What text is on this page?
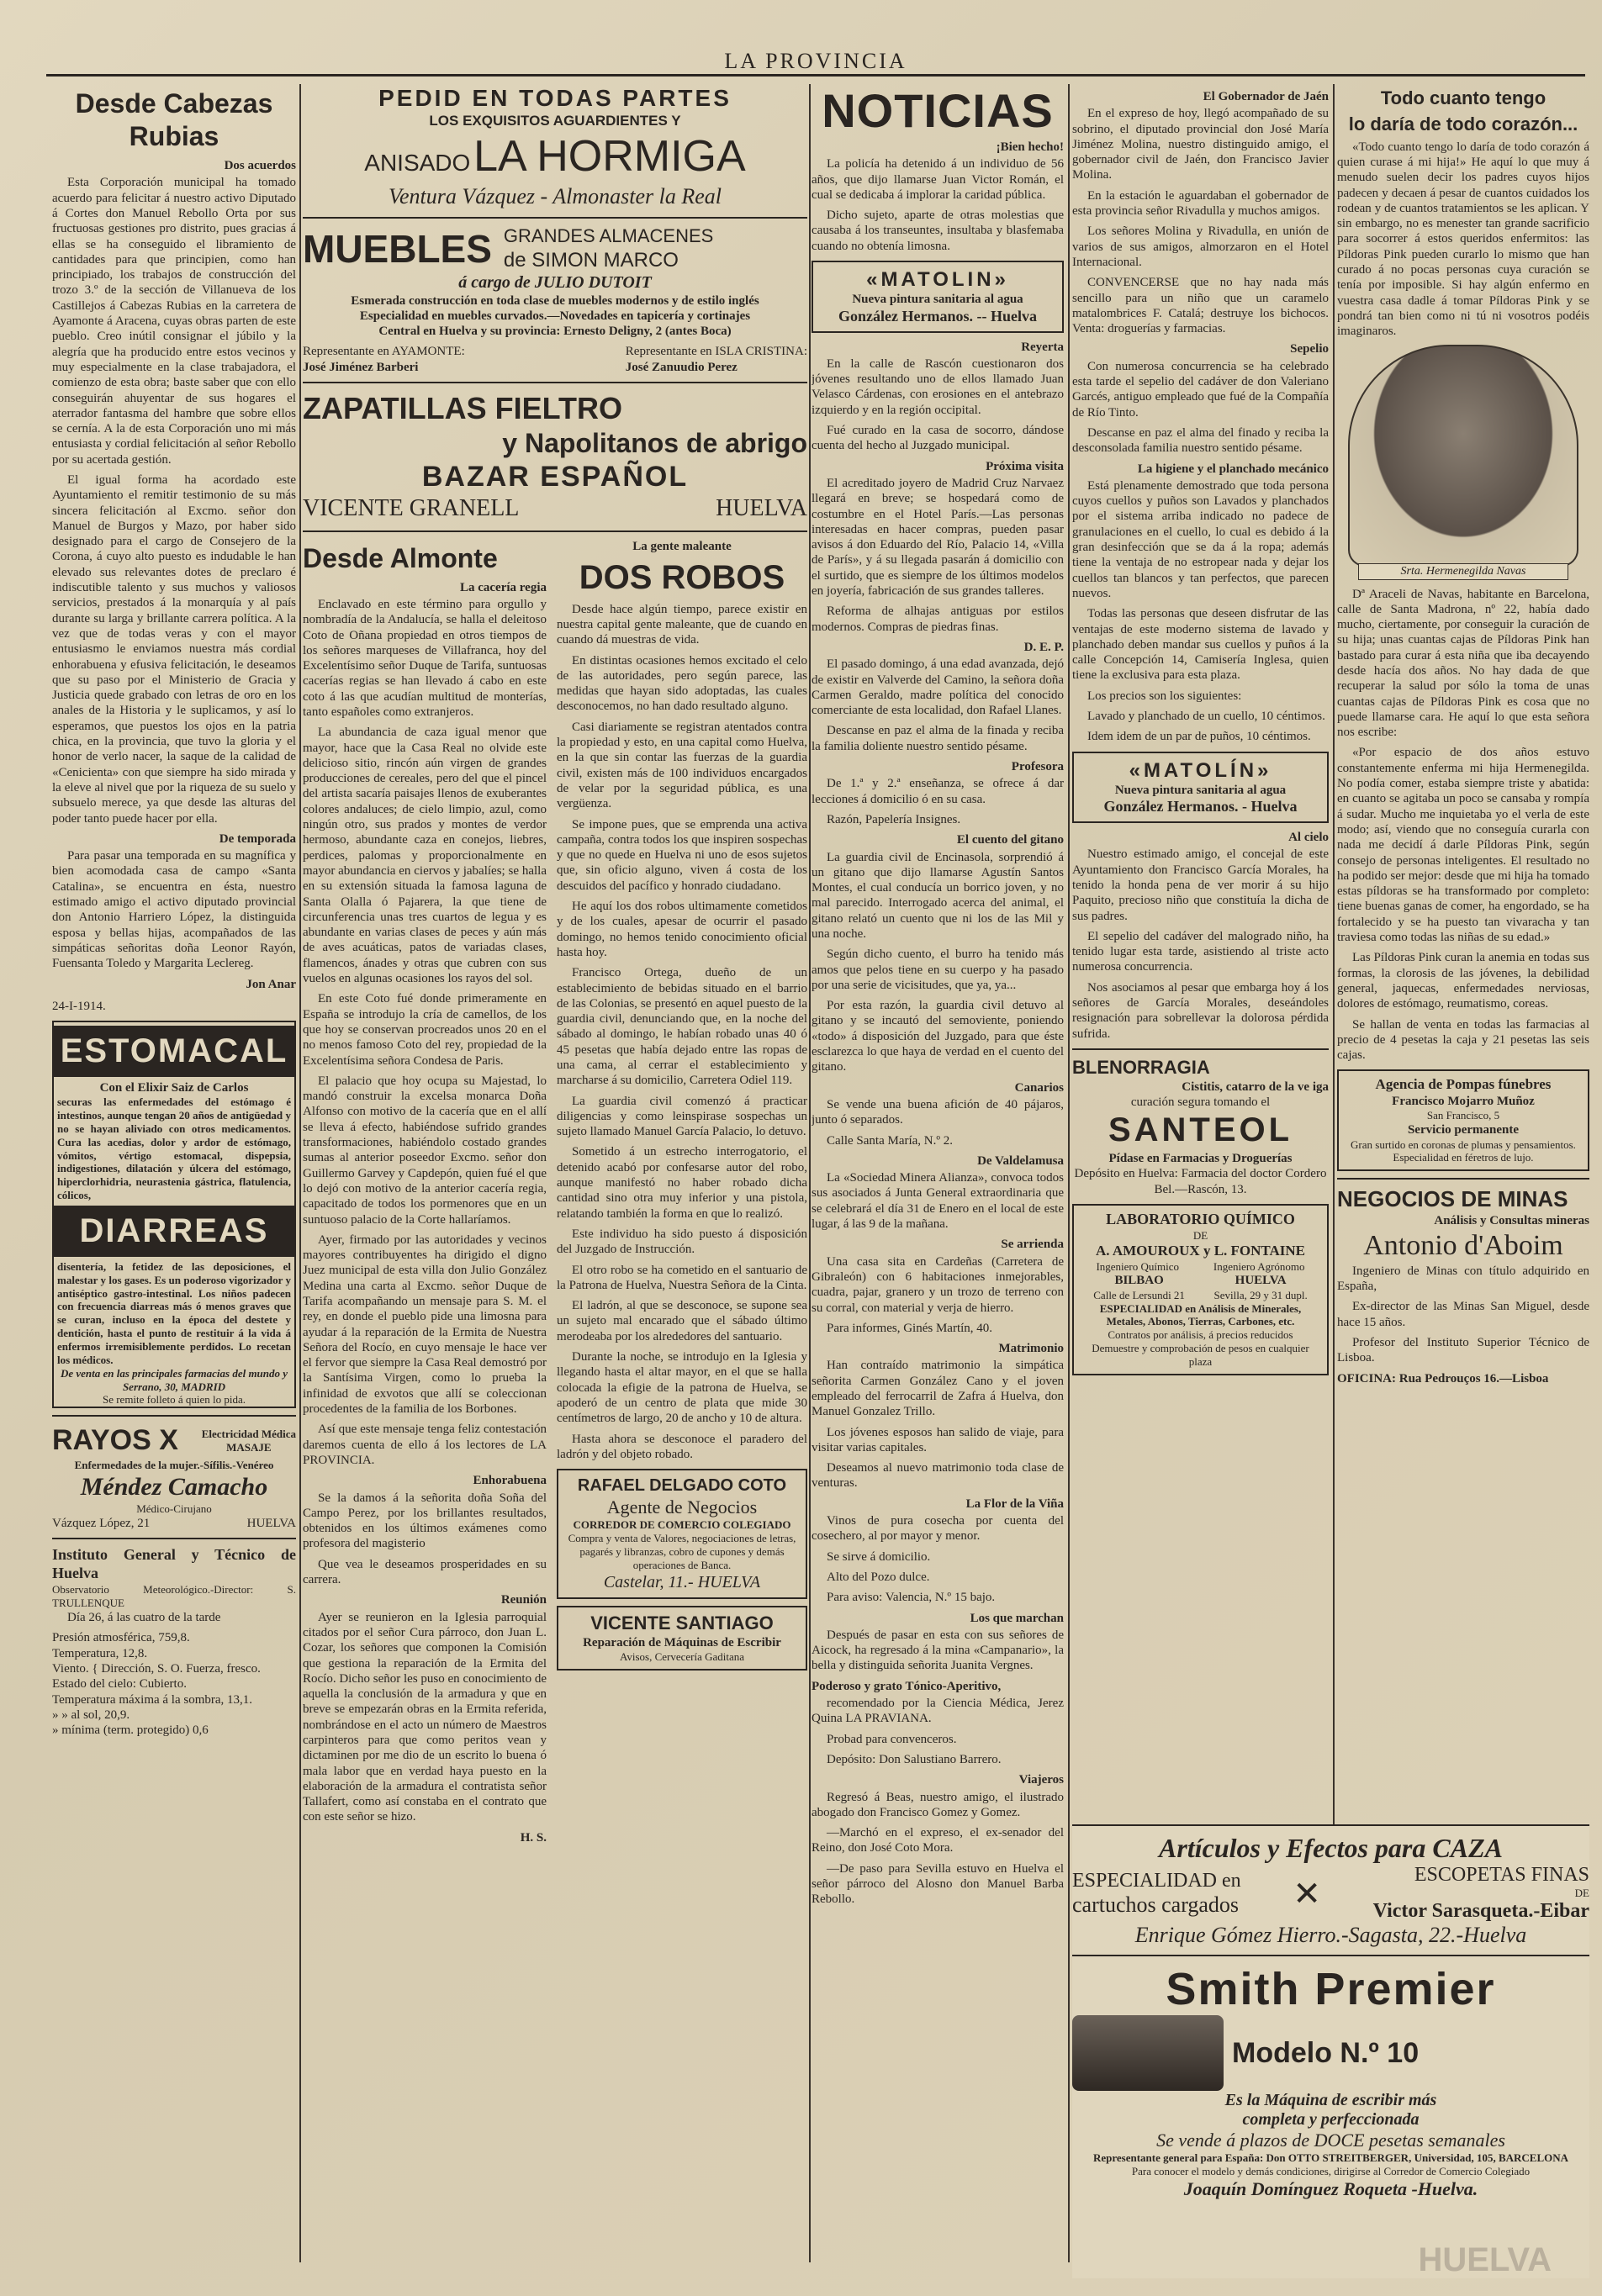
LA PROVINCIA
Desde Cabezas Rubias
Dos acuerdos

Esta Corporación municipal ha tomado acuerdo para felicitar á nuestro activo Diputado á Cortes don Manuel Rebollo Orta por sus fructuosas gestiones pro distrito, pues gracias á ellas se ha conseguido el libramiento de cantidades para que principien, como han principiado, los trabajos de construcción del trozo 3.º de la sección de Villanueva de los Castillejos á Cabezas Rubias en la carretera de Ayamonte á Aracena, cuyas obras parten de este pueblo. Creo inútil consignar el júbilo y la alegría que ha producido entre estos vecinos y muy especialmente en la clase trabajadora, el comienzo de esta obra; baste saber que con ello conseguirán ahuyentar de sus hogares el aterrador fantasma del hambre que sobre ellos se cernía. A la de esta Corporación uno mi más entusiasta y cordial felicitación al señor Rebollo por su acertada gestión.

El igual forma ha acordado este Ayuntamiento el remitir testimonio de su más sincera felicitación al Excmo. señor don Manuel de Burgos y Mazo, por haber sido designado para el cargo de Consejero de la Corona, á cuyo alto puesto es indudable le han elevado sus relevantes dotes de preclaro é indiscutible talento y sus muchos y valiosos servicios, prestados á la monarquía y al país durante su larga y brillante carrera política. A la vez que de todas veras y con el mayor entusiasmo le enviamos nuestra más cordial enhorabuena y efusiva felicitación, le deseamos que su paso por el Ministerio de Gracia y Justicia quede grabado con letras de oro en los anales de la Historia y le suplicamos, y así lo esperamos, que puestos los ojos en la patria chica, en la provincia, que tuvo la gloria y el honor de verlo nacer, la saque de la calidad de «Cenicienta» con que siempre ha sido mirada y la eleve al nivel que por la riqueza de su suelo y subsuelo merece, ya que desde las alturas del poder tanto puede hacer por ella.

De temporada

Para pasar una temporada en su magnífica y bien acomodada casa de campo «Santa Catalina», se encuentra en ésta, nuestro estimado amigo el activo diputado provincial don Antonio Harriero López, la distinguida esposa y bellas hijas, acompañados de las simpáticas señoritas doña Leonor Rayón, Fuensanta Toledo y Margarita Leclereg.

Jon Anar
24-I-1914.
ESTOMACAL
Con el Elixir Saiz de Carlos
securas las enfermedades del estómago é intestinos, aunque tengan 20 años de antigüedad y no se hayan aliviado con otros medicamentos. Cura las acedias, dolor y ardor de estómago, vómitos, vértigo estomacal, dispepsia, indigestiones, dilatación y úlcera del estómago, hiperclorhidria, neurastenia gástrica, flatulencia, cólicos,
DIARREAS
disentería, la fetidez de las deposiciones, el malestar y los gases. Es un poderoso vigorizador y antiséptico gastro-intestinal. Los niños padecen con frecuencia diarreas más ó menos graves que se curan, incluso en la época del destete y dentición, hasta el punto de restituir á la vida á enfermos irremisiblemente perdidos. Lo recetan los médicos.
De venta en las principales farmacias del mundo y Serrano, 30, MADRID
Se remite folleto á quien lo pida.
RAYOS X Electricidad Médica
MASAJE
Enfermedades de la mujer.-Sífilis.-Venéreo
Méndez Camacho
Médico-Cirujano
Vázquez López, 21	HUELVA
Instituto General y Técnico de Huelva
Observatorio Meteorológico.-Director: S. TRULLENQUE

Día 26, á las cuatro de la tarde

Presión atmosférica, 759,8.
Temperatura, 12,8.
Viento. { Dirección, S. O. Fuerza, fresco.
Estado del cielo: Cubierto.
Temperatura máxima á la sombra, 13,1.
» » al sol, 20,9.
» mínima (term. protegido) 0,6
PEDID EN TODAS PARTES
LOS EXQUISITOS AGUARDIENTES Y
ANISADO LA HORMIGA
Ventura Vázquez - Almonaster la Real
MUEBLES GRANDES ALMACENES
de SIMON MARCO
á cargo de JULIO DUTOIT
Esmerada construcción en toda clase de muebles modernos y de estilo inglés
Especialidad en muebles curvados.—Novedades en tapicería y cortinajes
Central en Huelva y su provincia: Ernesto Deligny, 2 (antes Boca)
Representante en AYAMONTE:
José Jiménez Barberi
Representante en ISLA CRISTINA:
José Zanuudio Perez
ZAPATILLAS FIELTRO
y Napolitanos de abrigo
BAZAR ESPAÑOL
VICENTE GRANELL	HUELVA
Desde Almonte
La cacería regia

Enclavado en este término para orgullo y nombradía de la Andalucía, se halla el deleitoso Coto de Oñana propiedad en otros tiempos de los señores marqueses de Villafranca, hoy del Excelentísimo señor Duque de Tarifa, suntuosas cacerías regias se han llevado á cabo en este coto á las que acudían multitud de monterías, tanto españoles como extranjeros.

La abundancia de caza igual menor que mayor, hace que la Casa Real no olvide este delicioso sitio, rincón aún virgen de grandes producciones de cereales, pero del que el pincel del artista sacaría paisajes llenos de exuberantes colores andaluces; de cielo limpio, azul, como ningún otro, sus prados y montes de verdor hermoso, abundante caza en conejos, liebres, perdices, palomas y proporcionalmente en mayor abundancia en ciervos y jabalíes; se halla en su extensión situada la famosa laguna de Santa Olalla ó Pajarera, la que tiene de circunferencia unas tres cuartos de legua y es abundante en varias clases de peces y aún más de aves acuáticas, patos de variadas clases, flamencos, ánades y otras que cubren con sus vuelos en algunas ocasiones los rayos del sol.

En este Coto fué donde primeramente en España se introdujo la cría de camellos, de los que hoy se conservan procreados unos 20 en el no menos famoso Coto del rey, propiedad de la Excelentísima señora Condesa de Paris.

El palacio que hoy ocupa su Majestad, lo mandó construir la excelsa monarca Doña Alfonso con motivo de la cacería que en el allí se lleva á efecto, habiéndose sufrido grandes transformaciones, habiéndolo costado grandes sumas al anterior poseedor Excmo. señor don Guillermo Garvey y Capdepón, quien fué el que lo dejó con motivo de la anterior cacería regia, capacitado de todos los pormenores que en un suntuoso palacio de la Corte hallaríamos.

Ayer, firmado por las autoridades y vecinos mayores contribuyentes ha dirigido el digno Juez municipal de esta villa don Julio González Medina una carta al Excmo. señor Duque de Tarifa acompañando un mensaje para S. M. el rey, en donde el pueblo pide una limosna para ayudar á la reparación de la Ermita de Nuestra Señora del Rocío, en cuyo mensaje le hace ver el fervor que siempre la Casa Real demostró por la Santísima Virgen, como lo prueba la infinidad de exvotos que allí se coleccionan procedentes de la familia de los Borbones.

Así que este mensaje tenga feliz contestación daremos cuenta de ello á los lectores de LA PROVINCIA.

Enhorabuena

Se la damos á la señorita doña Soña del Campo Perez, por los brillantes resultados, obtenidos en los últimos exámenes como profesora del magisterio

Que vea le deseamos prosperidades en su carrera.

Reunión

Ayer se reunieron en la Iglesia parroquial citados por el señor Cura párroco, don Juan L. Cozar, los señores que componen la Comisión que gestiona la reparación de la Ermita del Rocío. Dicho señor les puso en conocimiento de aquella la conclusión de la armadura y que en breve se empezarán obras en la Ermita referida, nombrándose en el acto un número de Maestros carpinteros para que como peritos vean y dictaminen por me dio de un escrito lo buena ó mala labor que en verdad haya puesto en la elaboración de la armadura el contratista señor Tallafert, como así constaba en el contrato que con este señor se hizo.

H. S.
La gente maleante
DOS ROBOS

Desde hace algún tiempo, parece existir en nuestra capital gente maleante, que de cuando en cuando dá muestras de vida.

En distintas ocasiones hemos excitado el celo de las autoridades, pero según parece, las medidas que hayan sido adoptadas, las cuales desconocemos, no han dado resultado alguno.

Casi diariamente se registran atentados contra la propiedad y esto, en una capital como Huelva, en la que sin contar las fuerzas de la guardia civil, existen más de 100 individuos encargados de velar por la seguridad pública, es una vergüenza.

Se impone pues, que se emprenda una activa campaña, contra todos los que inspiren sospechas y que no quede en Huelva ni uno de esos sujetos que, sin oficio alguno, viven á costa de los descuidos del pacífico y honrado ciudadano.

He aquí los dos robos ultimamente cometidos y de los cuales, apesar de ocurrir el pasado domingo, no hemos tenido conocimiento oficial hasta hoy.

Francisco Ortega, dueño de un establecimiento de bebidas situado en el barrio de las Colonias, se presentó en aquel puesto de la guardia civil, denunciando que, en la noche del sábado al domingo, le habían robado unas 40 ó 45 pesetas que había dejado entre las ropas de una cama, al cerrar el establecimiento y marcharse á su domicilio, Carretera Odiel 119.

La guardia civil comenzó á practicar diligencias y como leinspirase sospechas un sujeto llamado Manuel García Palacio, lo detuvo.

Sometido á un estrecho interrogatorio, el detenido acabó por confesarse autor del robo, aunque manifestó no haber robado dicha cantidad sino otra muy inferior y una pistola, relatando también la forma en que lo realizó.

Este individuo ha sido puesto á disposición del Juzgado de Instrucción.

El otro robo se ha cometido en el santuario de la Patrona de Huelva, Nuestra Señora de la Cinta.

El ladrón, al que se desconoce, se supone sea un sujeto mal encarado que el sábado último merodeaba por los alrededores del santuario.

Durante la noche, se introdujo en la Iglesia y llegando hasta el altar mayor, en el que se halla colocada la efigie de la patrona de Huelva, se apoderó de un centro de plata que mide 30 centímetros de largo, 20 de ancho y 10 de altura.

Hasta ahora se desconoce el paradero del ladrón y del objeto robado.

RAFAEL DELGADO COTO
Agente de Negocios
CORREDOR DE COMERCIO COLEGIADO
Compra y venta de Valores, negociaciones de letras, pagarés y libranzas, cobro de cupones y demás operaciones de Banca.
Castelar, 11.- HUELVA
VICENTE SANTIAGO
Reparación de Máquinas de Escribir
Avisos, Cervecería Gaditana
NOTICIAS
¡Bien hecho!

La policía ha detenido á un individuo de 56 años, que dijo llamarse Juan Victor Román, el cual se dedicaba á implorar la caridad pública.

Dicho sujeto, aparte de otras molestias que causaba á los transeuntes, insultaba y blasfemaba cuando no obtenía limosna.

«MATOLIN»
Nueva pintura sanitaria al agua
González Hermanos. -- Huelva
Reyerta

En la calle de Rascón cuestionaron dos jóvenes resultando uno de ellos llamado Juan Velasco Cárdenas, con erosiones en el antebrazo izquierdo y en la región occipital.

Fué curado en la casa de socorro, dándose cuenta del hecho al Juzgado municipal.

Próxima visita

El acreditado joyero de Madrid Cruz Narvaez llegará en breve; se hospedará como de costumbre en el Hotel París.—Las personas interesadas en hacer compras, pueden pasar avisos á don Eduardo del Río, Palacio 14, «Villa de París», y á su llegada pasarán á domicilio con el surtido, que es siempre de los últimos modelos en joyería, fabricación de sus grandes talleres.

Reforma de alhajas antiguas por estilos modernos. Compras de piedras finas.

D. E. P.

El pasado domingo, á una edad avanzada, dejó de existir en Valverde del Camino, la señora doña Carmen Geraldo, madre política del conocido comerciante de esta localidad, don Rafael Llanes.

Descanse en paz el alma de la finada y reciba la familia doliente nuestro sentido pésame.

Profesora

De 1.ª y 2.ª enseñanza, se ofrece á dar lecciones á domicilio ó en su casa.

Razón, Papelería Insignes.

El cuento del gitano

La guardia civil de Encinasola, sorprendió á un gitano que dijo llamarse Agustín Santos Montes, el cual conducía un borrico joven, y no mal parecido. Interrogado acerca del animal, el gitano relató un cuento que ni los de las Mil y una noche.

Según dicho cuento, el burro ha tenido más amos que pelos tiene en su cuerpo y ha pasado por una serie de vicisitudes, que ya, ya...

Por esta razón, la guardia civil detuvo al gitano y se incautó del semoviente, poniendo «todo» á disposición del Juzgado, para que éste esclarezca lo que haya de verdad en el cuento del gitano.

Canarios

Se vende una buena afición de 40 pájaros, junto ó separados.

Calle Santa María, N.º 2.

De Valdelamusa

La «Sociedad Minera Alianza», convoca todos sus asociados á Junta General extraordinaria que se celebrará el día 31 de Enero en el local de este lugar, á las 9 de la mañana.

Se arrienda

Una casa sita en Cardeñas (Carretera de Gibraleón) con 6 habitaciones inmejorables, cuadra, pajar, granero y un trozo de terreno con su corral, con material y verja de hierro.

Para informes, Ginés Martín, 40.

Matrimonio

Han contraído matrimonio la simpática señorita Carmen González Cano y el joven empleado del ferrocarril de Zafra á Huelva, don Manuel Gonzalez Trillo.

Los jóvenes esposos han salido de viaje, para visitar varias capitales.

Deseamos al nuevo matrimonio toda clase de venturas.

La Flor de la Viña

Vinos de pura cosecha por cuenta del cosechero, al por mayor y menor.

Se sirve á domicilio.

Alto del Pozo dulce.

Para aviso: Valencia, N.º 15 bajo.

Los que marchan

Después de pasar en esta con sus señores de Aicock, ha regresado á la mina «Campanario», la bella y distinguida señorita Juanita Vergnes.

Poderoso y grato Tónico-Aperitivo,

recomendado por la Ciencia Médica, Jerez Quina LA PRAVIANA.

Probad para convenceros.

Depósito: Don Salustiano Barrero.

Viajeros

Regresó á Beas, nuestro amigo, el ilustrado abogado don Francisco Gomez y Gomez.

—Marchó en el expreso, el ex-senador del Reino, don José Coto Mora.

—De paso para Sevilla estuvo en Huelva el señor párroco del Alosno don Manuel Barba Rebollo.

El Gobernador de Jaén

En el expreso de hoy, llegó acompañado de su sobrino, el diputado provincial don José María Jiménez Molina, nuestro distinguido amigo, el gobernador civil de Jaén, don Francisco Javier Molina.

En la estación le aguardaban el gobernador de esta provincia señor Rivadulla y muchos amigos.

Los señores Molina y Rivadulla, en unión de varios de sus amigos, almorzaron en el Hotel Internacional.

CONVENCERSE que no hay nada más sencillo para un niño que un caramelo matalombrices F. Catalá; destruye los bichocos. Venta: droguerías y farmacias.

Sepelio

Con numerosa concurrencia se ha celebrado esta tarde el sepelio del cadáver de don Valeriano Garcés, antiguo empleado que fué de la Compañía de Río Tinto.

Descanse en paz el alma del finado y reciba la desconsolada familia nuestro sentido pésame.

La higiene y el planchado mecánico

Está plenamente demostrado que toda persona cuyos cuellos y puños son Lavados y planchados por el sistema arriba indicado no padece de granulaciones en el cuello, lo cual es debido á la gran desinfección que se da á la ropa; además tiene la ventaja de no estropear nada y dejar los cuellos tan blancos y tan perfectos, que parecen nuevos.

Todas las personas que deseen disfrutar de las ventajas de este moderno sistema de lavado y planchado deben mandar sus cuellos y puños á la calle Concepción 14, Camisería Inglesa, quien tiene la exclusiva para esta plaza.

Los precios son los siguientes:

Lavado y planchado de un cuello, 10 céntimos.

Idem idem de un par de puños, 10 céntimos.

«MATOLÍN»
Nueva pintura sanitaria al agua
González Hermanos. - Huelva
Al cielo

Nuestro estimado amigo, el concejal de este Ayuntamiento don Francisco García Morales, ha tenido la honda pena de ver morir á su hijo Paquito, precioso niño que constituía la dicha de sus padres.

El sepelio del cadáver del malogrado niño, ha tenido lugar esta tarde, asistiendo al triste acto numerosa concurrencia.

Nos asociamos al pesar que embarga hoy á los señores de García Morales, deseándoles resignación para sobrellevar la dolorosa pérdida sufrida.

BLENORRAGIA
Cistitis, catarro de la ve iga
curación segura tomando el
SANTEOL
Pídase en Farmacias y Droguerías
Depósito en Huelva: Farmacia del doctor Cordero Bel.—Rascón, 13.
LABORATORIO QUÍMICO
DE
A. AMOUROUX y L. FONTAINE
Ingeniero Químico	Ingeniero Agrónomo
BILBAO	HUELVA
Calle de Lersundi 21	Sevilla, 29 y 31 dupl.
ESPECIALIDAD en Análisis de Minerales, Metales, Abonos, Tierras, Carbones, etc.
Contratos por análisis, á precios reducidos
Demuestre y comprobación de pesos en cualquier plaza
Todo cuanto tengo
lo daría de todo corazón...

«Todo cuanto tengo lo daría de todo corazón á quien curase á mi hija!» He aquí lo que muy á menudo suelen decir los padres cuyos hijos padecen y decaen á pesar de cuantos cuidados los rodean y de cuantos tratamientos se les aplican. Y sin embargo, no es menester tan grande sacrificio para socorrer á estos queridos enfermitos: las Píldoras Pink pueden curarlo lo mismo que han curado á no pocas personas cuya curación se tenía por imposible. Si hay algún enfermo en vuestra casa dadle á tomar Píldoras Pink y se pondrá tan bien como ni tú ni vosotros podéis imaginaros.

Srta. Hermenegilda Navas

Dª Araceli de Navas, habitante en Barcelona, calle de Santa Madrona, nº 22, había dado mucho, ciertamente, por conseguir la curación de su hija; unas cuantas cajas de Píldoras Pink han bastado para curar á esta niña que iba decayendo desde hacía dos años. No hay dada de que recuperar la salud por sólo la toma de unas cuantas cajas de Píldoras Pink es cosa que no puede llamarse cara. He aquí lo que esta señora nos escribe:

«Por espacio de dos años estuvo constantemente enferma mi hija Hermenegilda. No podía comer, estaba siempre triste y abatida: en cuanto se agitaba un poco se cansaba y rompía á sudar. Mucho me inquietaba yo el verla de este modo; así, viendo que no conseguía curarla con nada me decidí á darle Píldoras Pink, según consejo de personas inteligentes. El resultado no ha podido ser mejor: desde que mi hija ha tomado estas píldoras se ha transformado por completo: tiene buenas ganas de comer, ha engordado, se ha fortalecido y se ha puesto tan vivaracha y tan traviesa como todas las niñas de su edad.»

Las Píldoras Pink curan la anemia en todas sus formas, la clorosis de las jóvenes, la debilidad general, jaquecas, enfermedades nerviosas, dolores de estómago, reumatismo, coreas.

Se hallan de venta en todas las farmacias al precio de 4 pesetas la caja y 21 pesetas las seis cajas.

Agencia de Pompas fúnebres
Francisco Mojarro Muñoz
San Francisco, 5
Servicio permanente
Gran surtido en coronas de plumas y pensamientos.
Especialidad en féretros de lujo.
NEGOCIOS DE MINAS
Análisis y Consultas mineras
Antonio d'Aboim

Ingeniero de Minas con título adquirido en España,

Ex-director de las Minas San Miguel, desde hace 15 años.

Profesor del Instituto Superior Técnico de Lisboa.

OFICINA: Rua Pedrouços 16.—Lisboa
Artículos y Efectos para CAZA
ESPECIALIDAD en
cartuchos cargados ✕	ESCOPETAS FINAS
DE
Victor Sarasqueta.-Eibar
Enrique Gómez Hierro.-Sagasta, 22.-Huelva
Smith Premier
Modelo N.º 10
Es la Máquina de escribir más
completa y perfeccionada
Se vende á plazos de DOCE pesetas semanales
Representante general para España: Don OTTO STREITBERGER, Universidad, 105, BARCELONA
Para conocer el modelo y demás condiciones, dirigirse al Corredor de Comercio Colegiado
Joaquín Domínguez Roqueta -Huelva.
HUELVA
